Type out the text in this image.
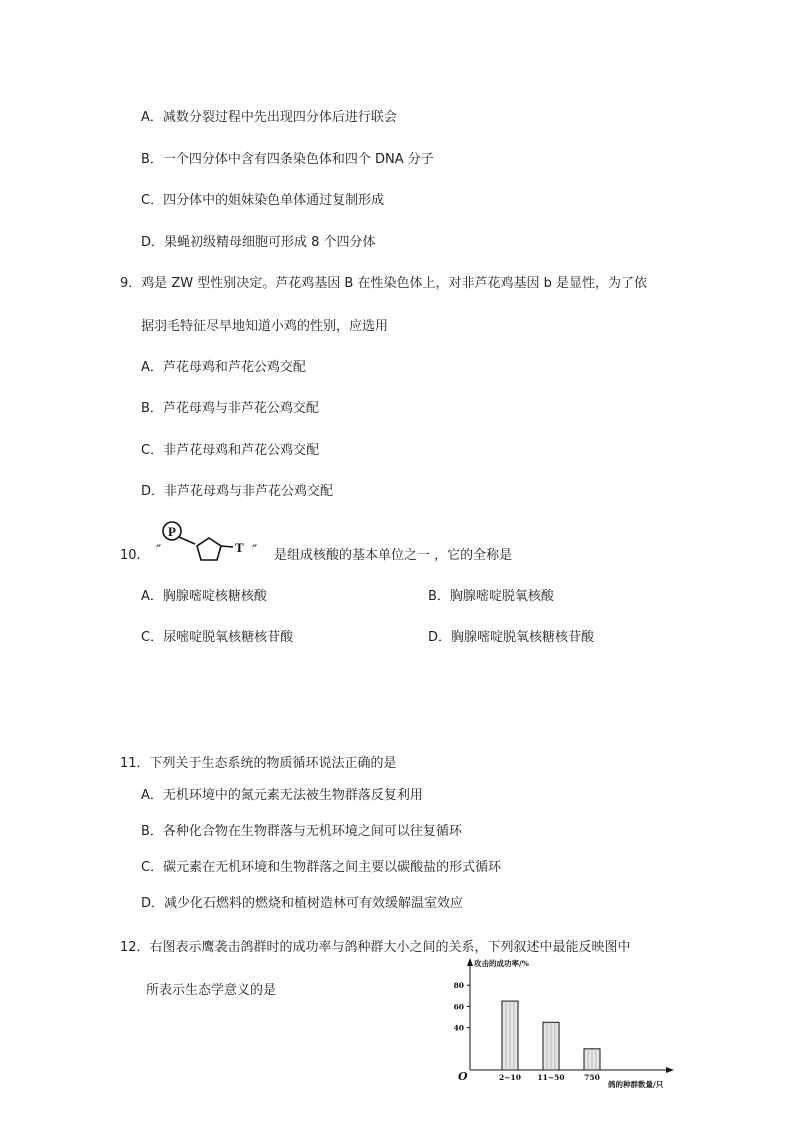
A．减数分裂过程中先出现四分体后进行联会
B．一个四分体中含有四条染色体和四个 DNA 分子
C．四分体中的姐妹染色单体通过复制形成
D．果蝇初级精母细胞可形成 8 个四分体
9．鸡是 ZW 型性别决定。芦花鸡基因 B 在性染色体上，对非芦花鸡基因 b 是显性，为了依
据羽毛特征尽早地知道小鸡的性别，应选用
A．芦花母鸡和芦花公鸡交配
B．芦花母鸡与非芦花公鸡交配
C．非芦花母鸡和芦花公鸡交配
D．非芦花母鸡与非芦花公鸡交配
10. ″
P
T ″ 是组成核酸的基本单位之一 ，它的全称是
A．胸腺嘧啶核糖核酸	B．胸腺嘧啶脱氧核酸
C．尿嘧啶脱氧核糖核苷酸	D．胸腺嘧啶脱氧核糖核苷酸
11．下列关于生态系统的物质循环说法正确的是
A．无机环境中的氮元素无法被生物群落反复利用
B．各种化合物在生物群落与无机环境之间可以往复循环
C．碳元素在无机环境和生物群落之间主要以碳酸盐的形式循环
D．减少化石燃料的燃烧和植树造林可有效缓解温室效应
12．右图表示鹰袭击鸽群时的成功率与鸽种群大小之间的关系，下列叙述中最能反映图中
所表示生态学意义的是
攻击的成功率/%
鸽的种群数量/只
O
40
60
80
2~10 11~50	750
